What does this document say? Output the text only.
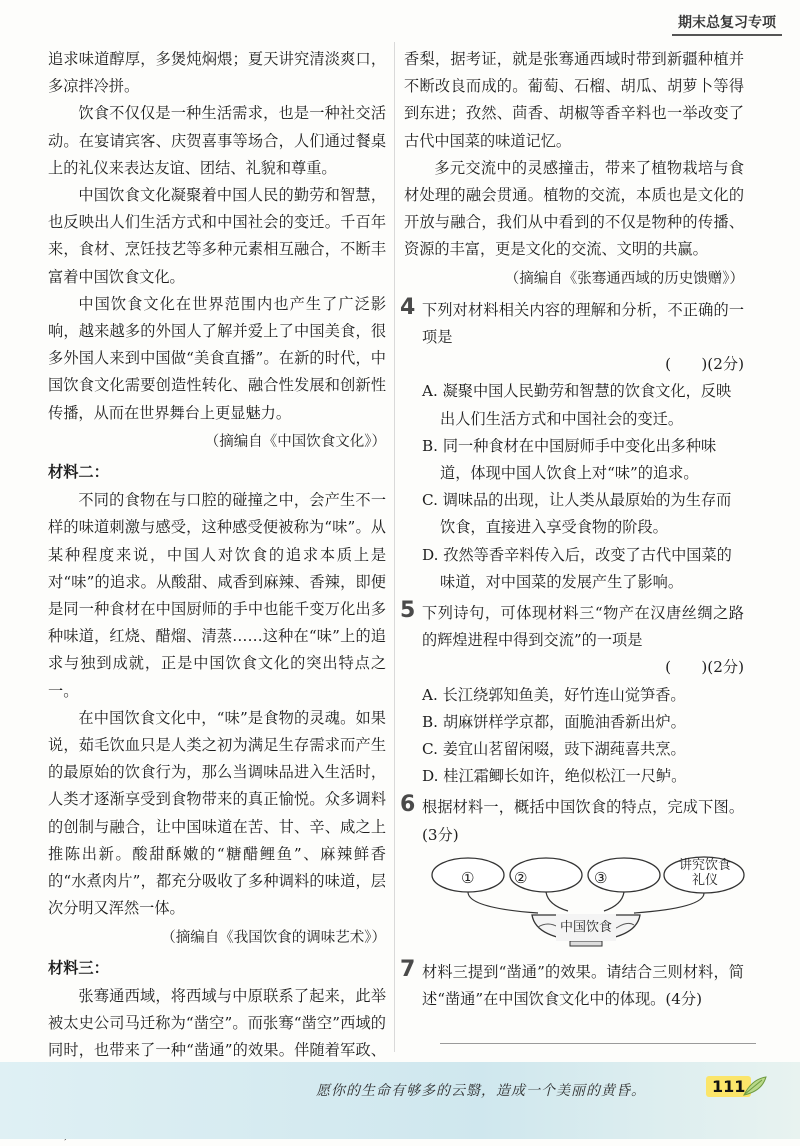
期末总复习专项

追求味道醇厚，多煲炖焖煨；夏天讲究清淡爽口，多凉拌冷拼。

饮食不仅仅是一种生活需求，也是一种社交活动。在宴请宾客、庆贺喜事等场合，人们通过餐桌上的礼仪来表达友谊、团结、礼貌和尊重。

中国饮食文化凝聚着中国人民的勤劳和智慧，也反映出人们生活方式和中国社会的变迁。千百年来，食材、烹饪技艺等多种元素相互融合，不断丰富着中国饮食文化。

中国饮食文化在世界范围内也产生了广泛影响，越来越多的外国人了解并爱上了中国美食，很多外国人来到中国做“美食直播”。在新的时代，中国饮食文化需要创造性转化、融合性发展和创新性传播，从而在世界舞台上更显魅力。

（摘编自《中国饮食文化》）

材料二：

不同的食物在与口腔的碰撞之中，会产生不一样的味道刺激与感受，这种感受便被称为“味”。从某种程度来说，中国人对饮食的追求本质上是对“味”的追求。从酸甜、咸香到麻辣、香辣，即便是同一种食材在中国厨师的手中也能千变万化出多种味道，红烧、醋熘、清蒸……这种在“味”上的追求与独到成就，正是中国饮食文化的突出特点之一。

在中国饮食文化中，“味”是食物的灵魂。如果说，茹毛饮血只是人类之初为满足生存需求而产生的最原始的饮食行为，那么当调味品进入生活时，人类才逐渐享受到食物带来的真正愉悦。众多调料的创制与融合，让中国味道在苦、甘、辛、咸之上推陈出新。酸甜酥嫩的“糖醋鲤鱼”、麻辣鲜香的“水煮肉片”，都充分吸收了多种调料的味道，层次分明又浑然一体。

（摘编自《我国饮食的调味艺术》）

材料三：

张骞通西域，将西域与中原联系了起来，此举被太史公司马迁称为“凿空”。而张骞“凿空”西域的同时，也带来了一种“凿通”的效果。伴随着军政、

香梨，据考证，就是张骞通西域时带到新疆种植并不断改良而成的。葡萄、石榴、胡瓜、胡萝卜等得到东进；孜然、茴香、胡椒等香辛料也一举改变了古代中国菜的味道记忆。

多元交流中的灵感撞击，带来了植物栽培与食材处理的融会贯通。植物的交流，本质也是文化的开放与融合，我们从中看到的不仅是物种的传播、资源的丰富，更是文化的交流、文明的共赢。

（摘编自《张骞通西域的历史馈赠》）

4 下列对材料相关内容的理解和分析，不正确的一项是

(　　)(2分)

A. 凝聚中国人民勤劳和智慧的饮食文化，反映出人们生活方式和中国社会的变迁。
B. 同一种食材在中国厨师手中变化出多种味道，体现中国人饮食上对“味”的追求。
C. 调味品的出现，让人类从最原始的为生存而饮食，直接进入享受食物的阶段。
D. 孜然等香辛料传入后，改变了古代中国菜的味道，对中国菜的发展产生了影响。
5 下列诗句，可体现材料三“物产在汉唐丝绸之路的辉煌进程中得到交流”的一项是

(　　)(2分)

A. 长江绕郭知鱼美，好竹连山觉笋香。
B. 胡麻饼样学京都，面脆油香新出炉。
C. 姜宜山茗留闲啜，豉下湖莼喜共烹。
D. 桂江霜鲫长如许，绝似松江一尺鲈。
6 根据材料一，概括中国饮食的特点，完成下图。(3分)

①	②	③
讲究饮食礼仪
中国饮食
7 材料三提到“凿通”的效果。请结合三则材料，简述“凿通”在中国饮食文化中的体现。(4分)

愿你的生命有够多的云翳，造成一个美丽的黄昏。	111
